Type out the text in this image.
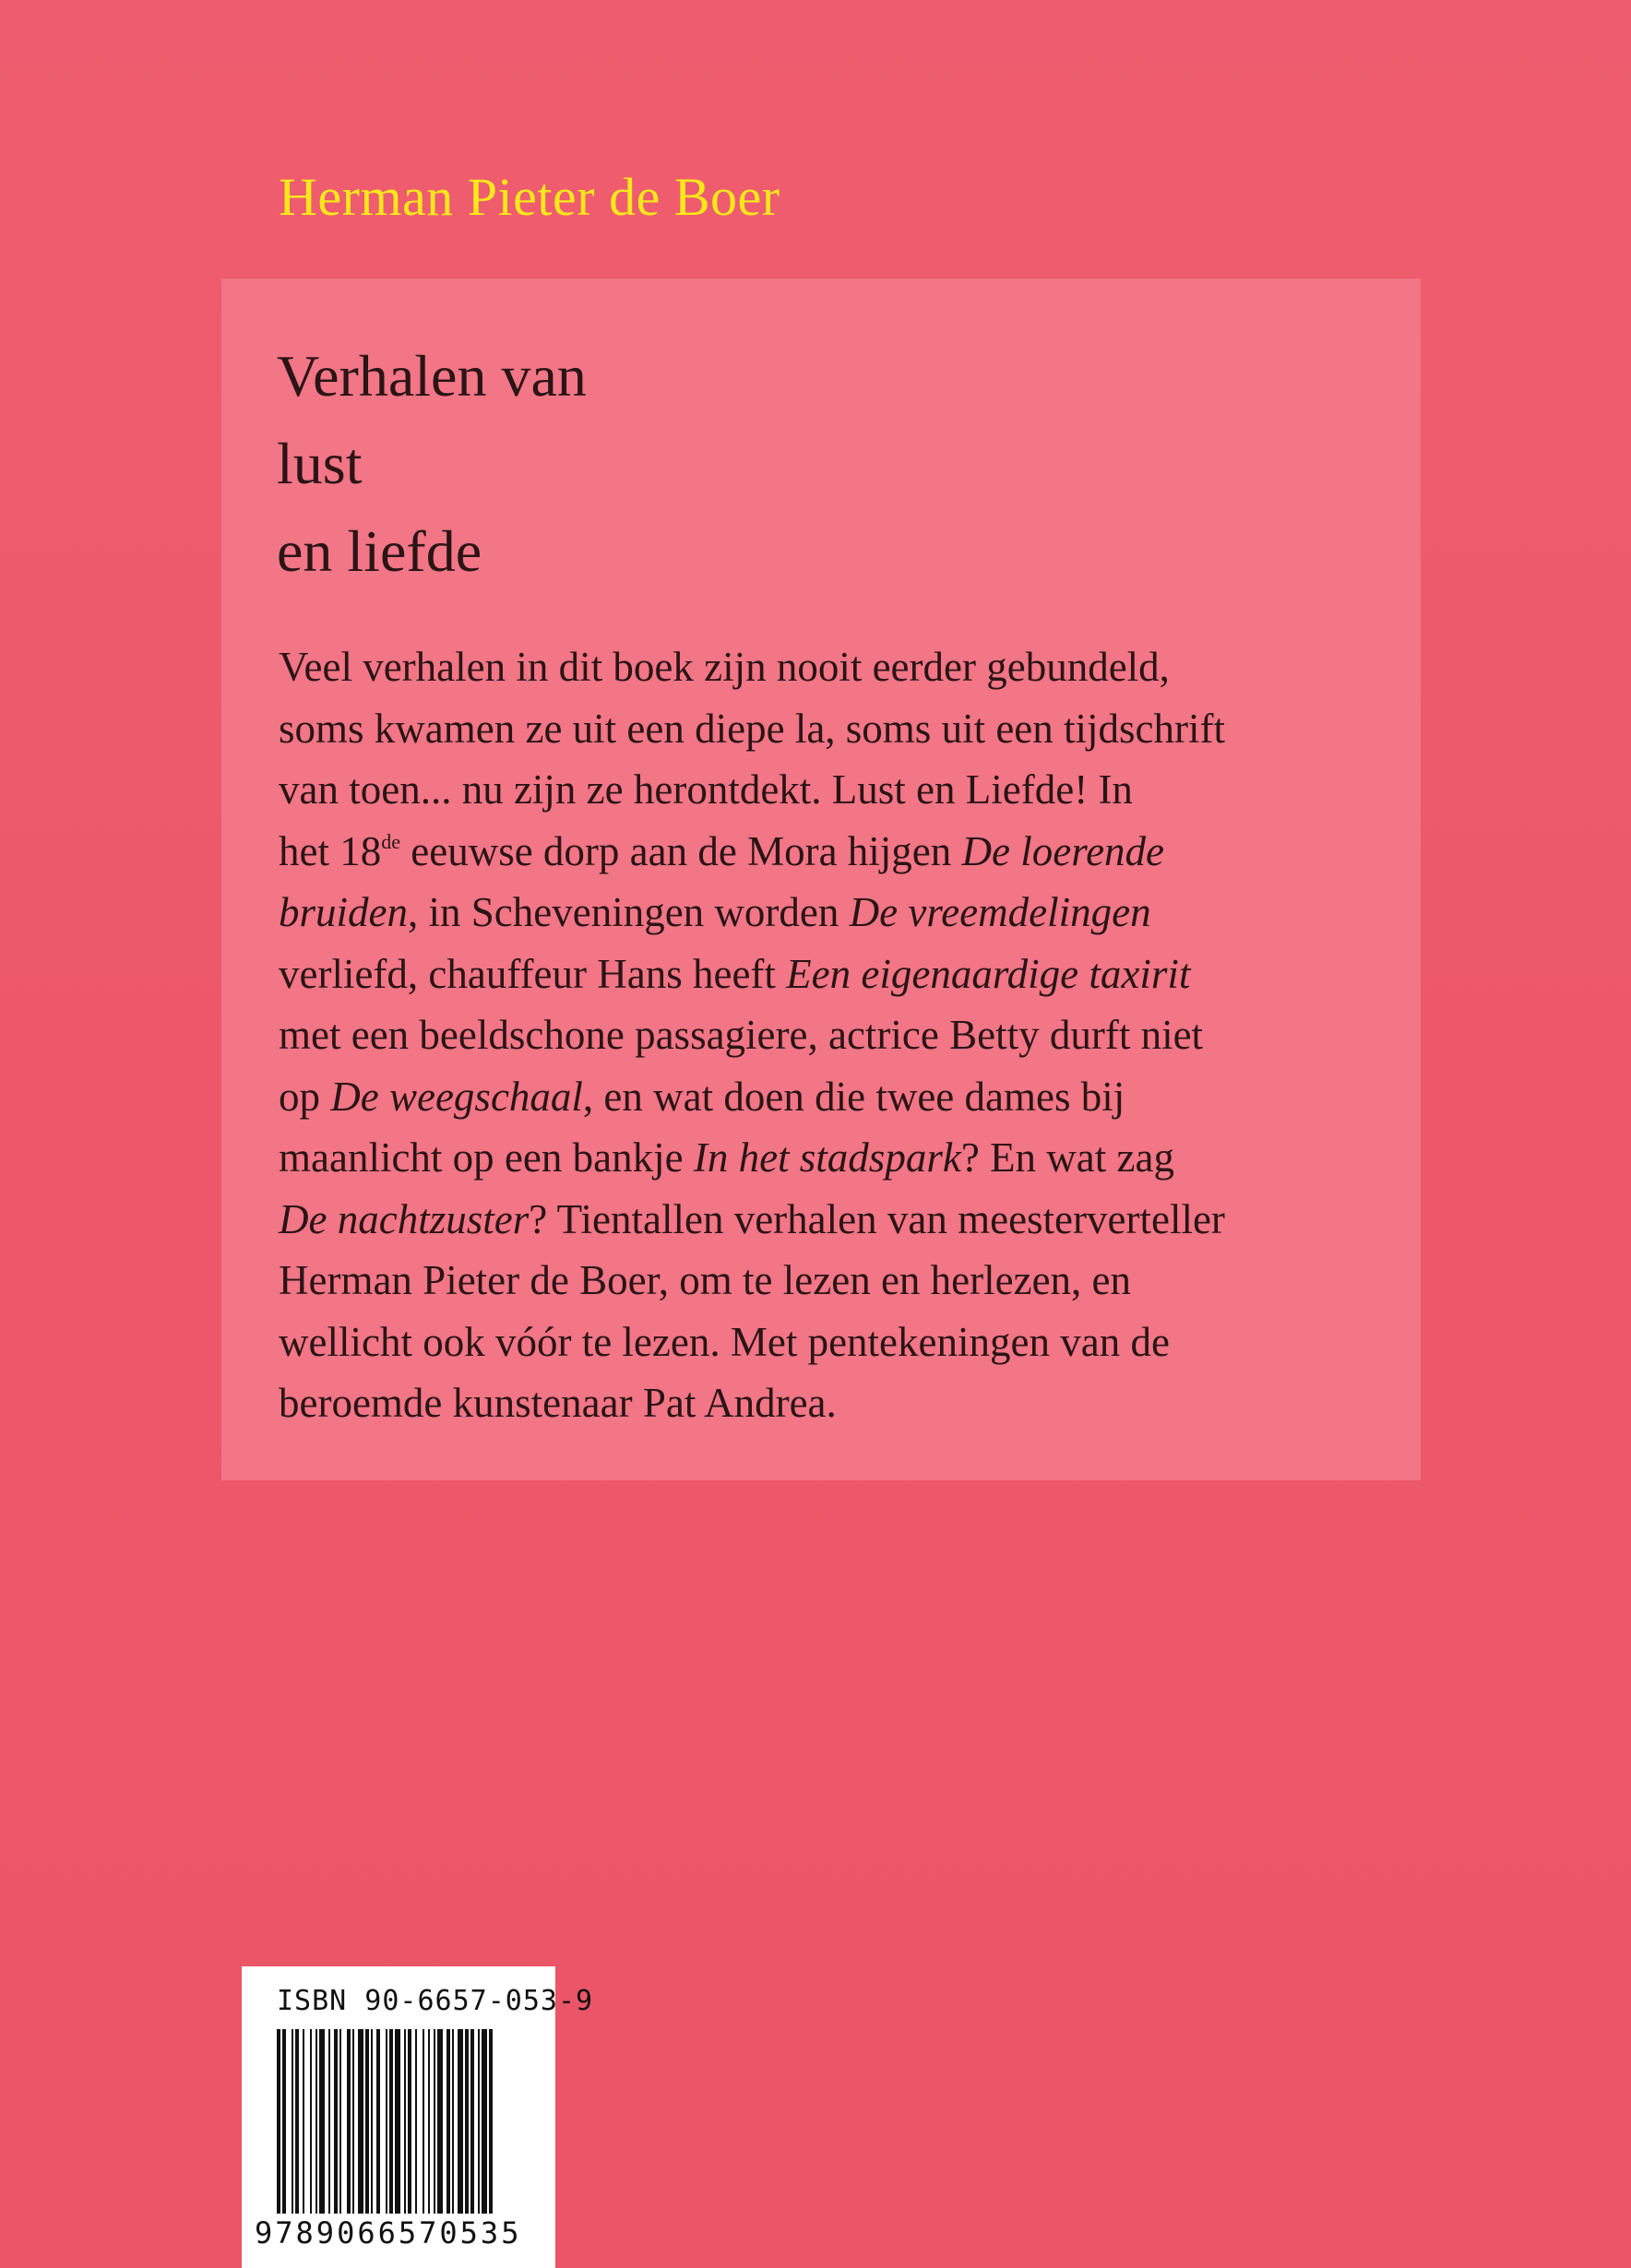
Herman Pieter de Boer
Verhalen van
lust
en liefde
Veel verhalen in dit boek zijn nooit eerder gebundeld,
soms kwamen ze uit een diepe la, soms uit een tijdschrift
van toen... nu zijn ze herontdekt. Lust en Liefde! In
het 18de eeuwse dorp aan de Mora hijgen De loerende
bruiden, in Scheveningen worden De vreemdelingen
verliefd, chauffeur Hans heeft Een eigenaardige taxirit
met een beeldschone passagiere, actrice Betty durft niet
op De weegschaal, en wat doen die twee dames bij
maanlicht op een bankje In het stadspark? En wat zag
De nachtzuster? Tientallen verhalen van meesterverteller
Herman Pieter de Boer, om te lezen en herlezen, en
wellicht ook vóór te lezen. Met pentekeningen van de
beroemde kunstenaar Pat Andrea.
ISBN 90-6657-053-9
9789066570535
